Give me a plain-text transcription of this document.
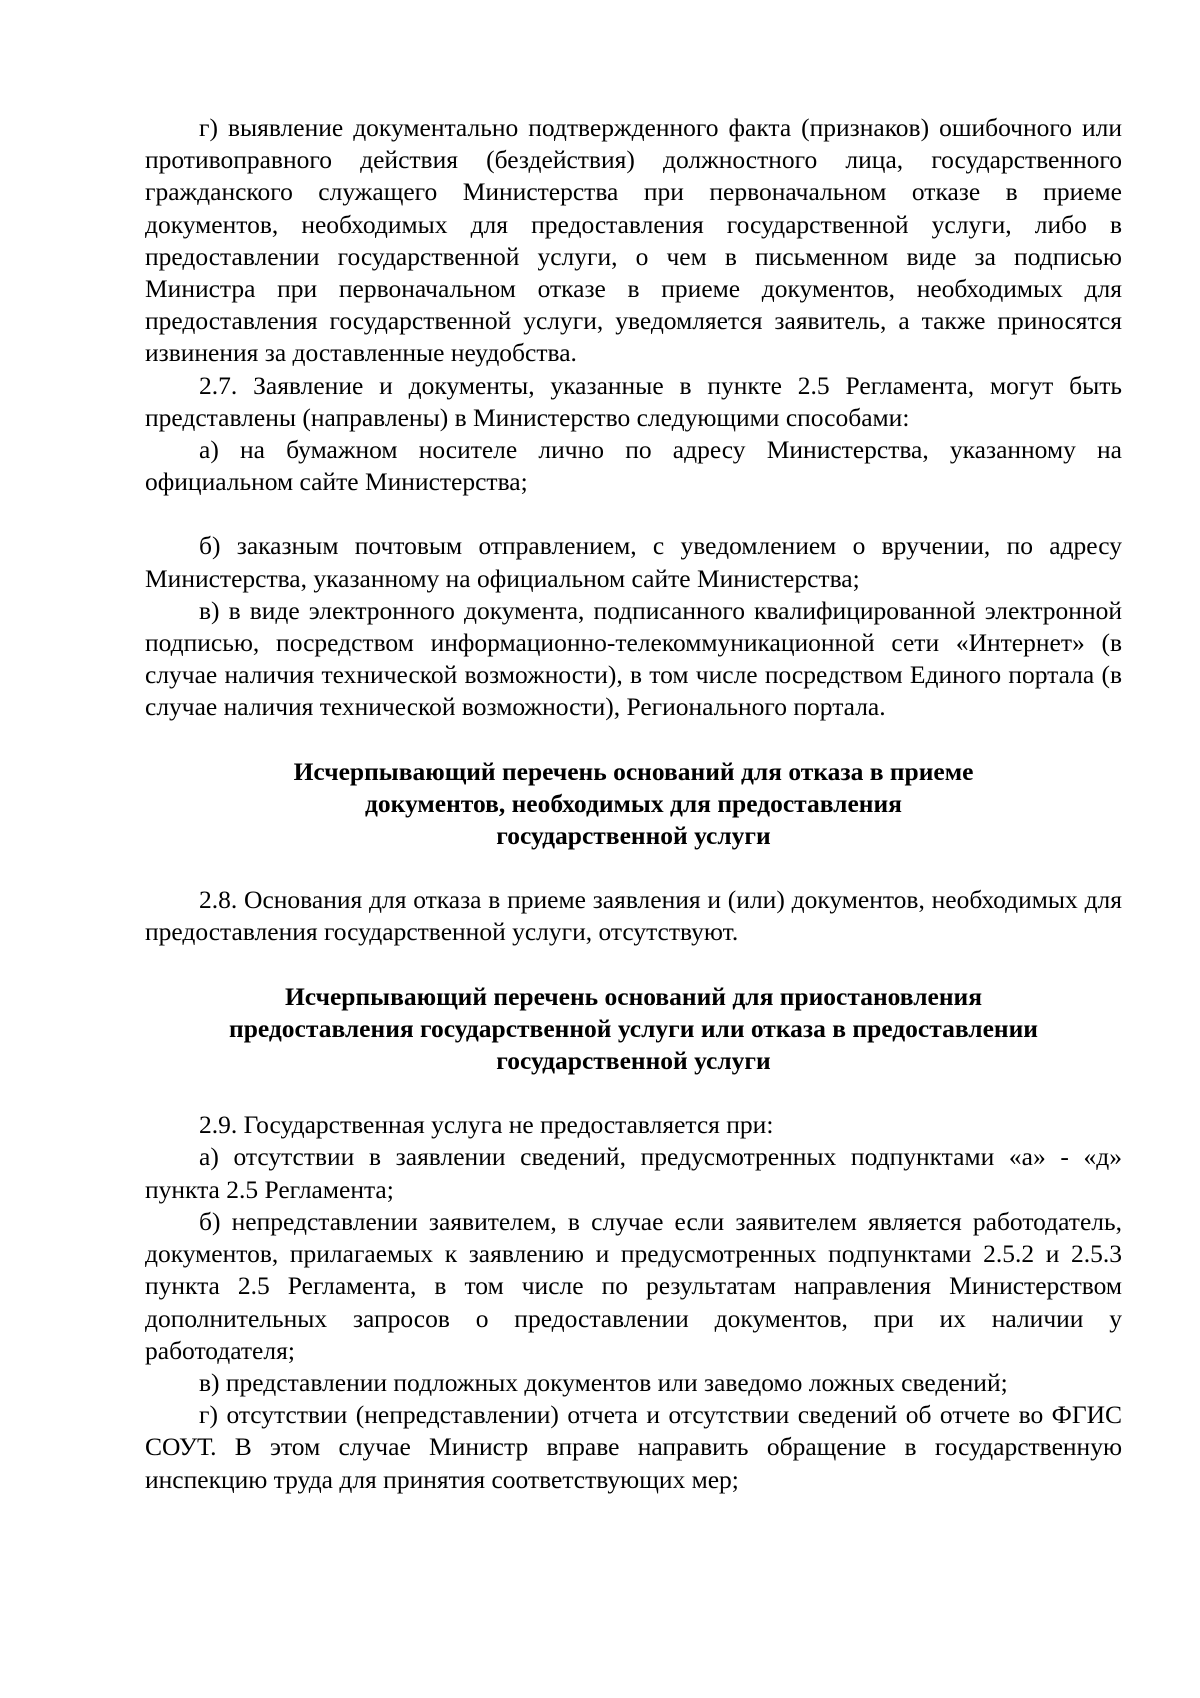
г) выявление документально подтвержденного факта (признаков) ошибочного или противоправного действия (бездействия) должностного лица, государственного гражданского служащего Министерства при первоначальном отказе в приеме документов, необходимых для предоставления государственной услуги, либо в предоставлении государственной услуги, о чем в письменном виде за подписью Министра при первоначальном отказе в приеме документов, необходимых для предоставления государственной услуги, уведомляется заявитель, а также приносятся извинения за доставленные неудобства.

2.7. Заявление и документы, указанные в пункте 2.5 Регламента, могут быть представлены (направлены) в Министерство следующими способами:

а) на бумажном носителе лично по адресу Министерства, указанному на официальном сайте Министерства;

б) заказным почтовым отправлением, с уведомлением о вручении, по адресу Министерства, указанному на официальном сайте Министерства;

в) в виде электронного документа, подписанного квалифицированной электронной подписью, посредством информационно-телекоммуникационной сети «Интернет» (в случае наличия технической возможности), в том числе посредством Единого портала (в случае наличия технической возможности), Регионального портала.

Исчерпывающий перечень оснований для отказа в приеме
документов, необходимых для предоставления
государственной услуги

2.8. Основания для отказа в приеме заявления и (или) документов, необходимых для предоставления государственной услуги, отсутствуют.

Исчерпывающий перечень оснований для приостановления
предоставления государственной услуги или отказа в предоставлении
государственной услуги

2.9. Государственная услуга не предоставляется при:

а) отсутствии в заявлении сведений, предусмотренных подпунктами «а» - «д» пункта 2.5 Регламента;

б) непредставлении заявителем, в случае если заявителем является работодатель, документов, прилагаемых к заявлению и предусмотренных подпунктами 2.5.2 и 2.5.3 пункта 2.5 Регламента, в том числе по результатам направления Министерством дополнительных запросов о предоставлении документов, при их наличии у работодателя;

в) представлении подложных документов или заведомо ложных сведений;

г) отсутствии (непредставлении) отчета и отсутствии сведений об отчете во ФГИС СОУТ. В этом случае Министр вправе направить обращение в государственную инспекцию труда для принятия соответствующих мер;
